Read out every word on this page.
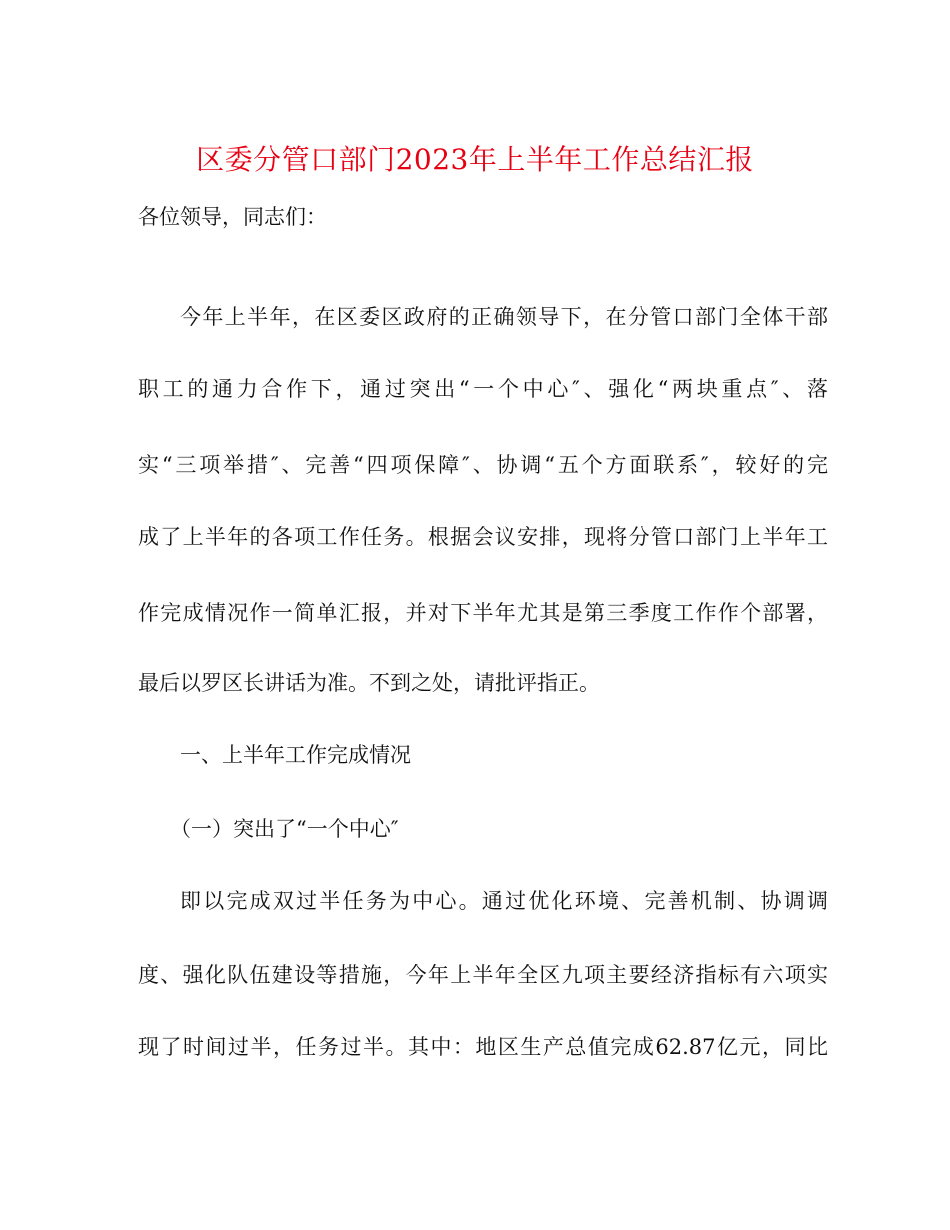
区委分管口部门2023年上半年工作总结汇报
各位领导，同志们：
今年上半年，在区委区政府的正确领导下，在分管口部门全体干部
职工的通力合作下，通过突出“一个中心″、强化“两块重点″、落
实“三项举措″、完善“四项保障″、协调“五个方面联系″，较好的完
成了上半年的各项工作任务。根据会议安排，现将分管口部门上半年工
作完成情况作一简单汇报，并对下半年尤其是第三季度工作作个部署，
最后以罗区长讲话为准。不到之处，请批评指正。
一、上半年工作完成情况
（一）突出了“一个中心″
即以完成双过半任务为中心。通过优化环境、完善机制、协调调
度、强化队伍建设等措施，今年上半年全区九项主要经济指标有六项实
现了时间过半，任务过半。其中：地区生产总值完成62.87亿元，同比
